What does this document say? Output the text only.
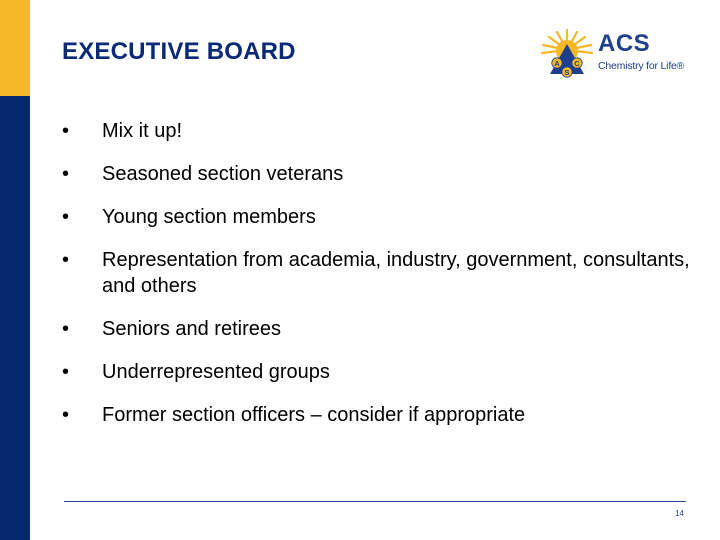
EXECUTIVE BOARD	A C
S
ACS
Chemistry for Life®
• Mix it up!
• Seasoned section veterans
• Young section members
• Representation from academia, industry, government, consultants, and others
• Seniors and retirees
• Underrepresented groups
• Former section officers – consider if appropriate
14
